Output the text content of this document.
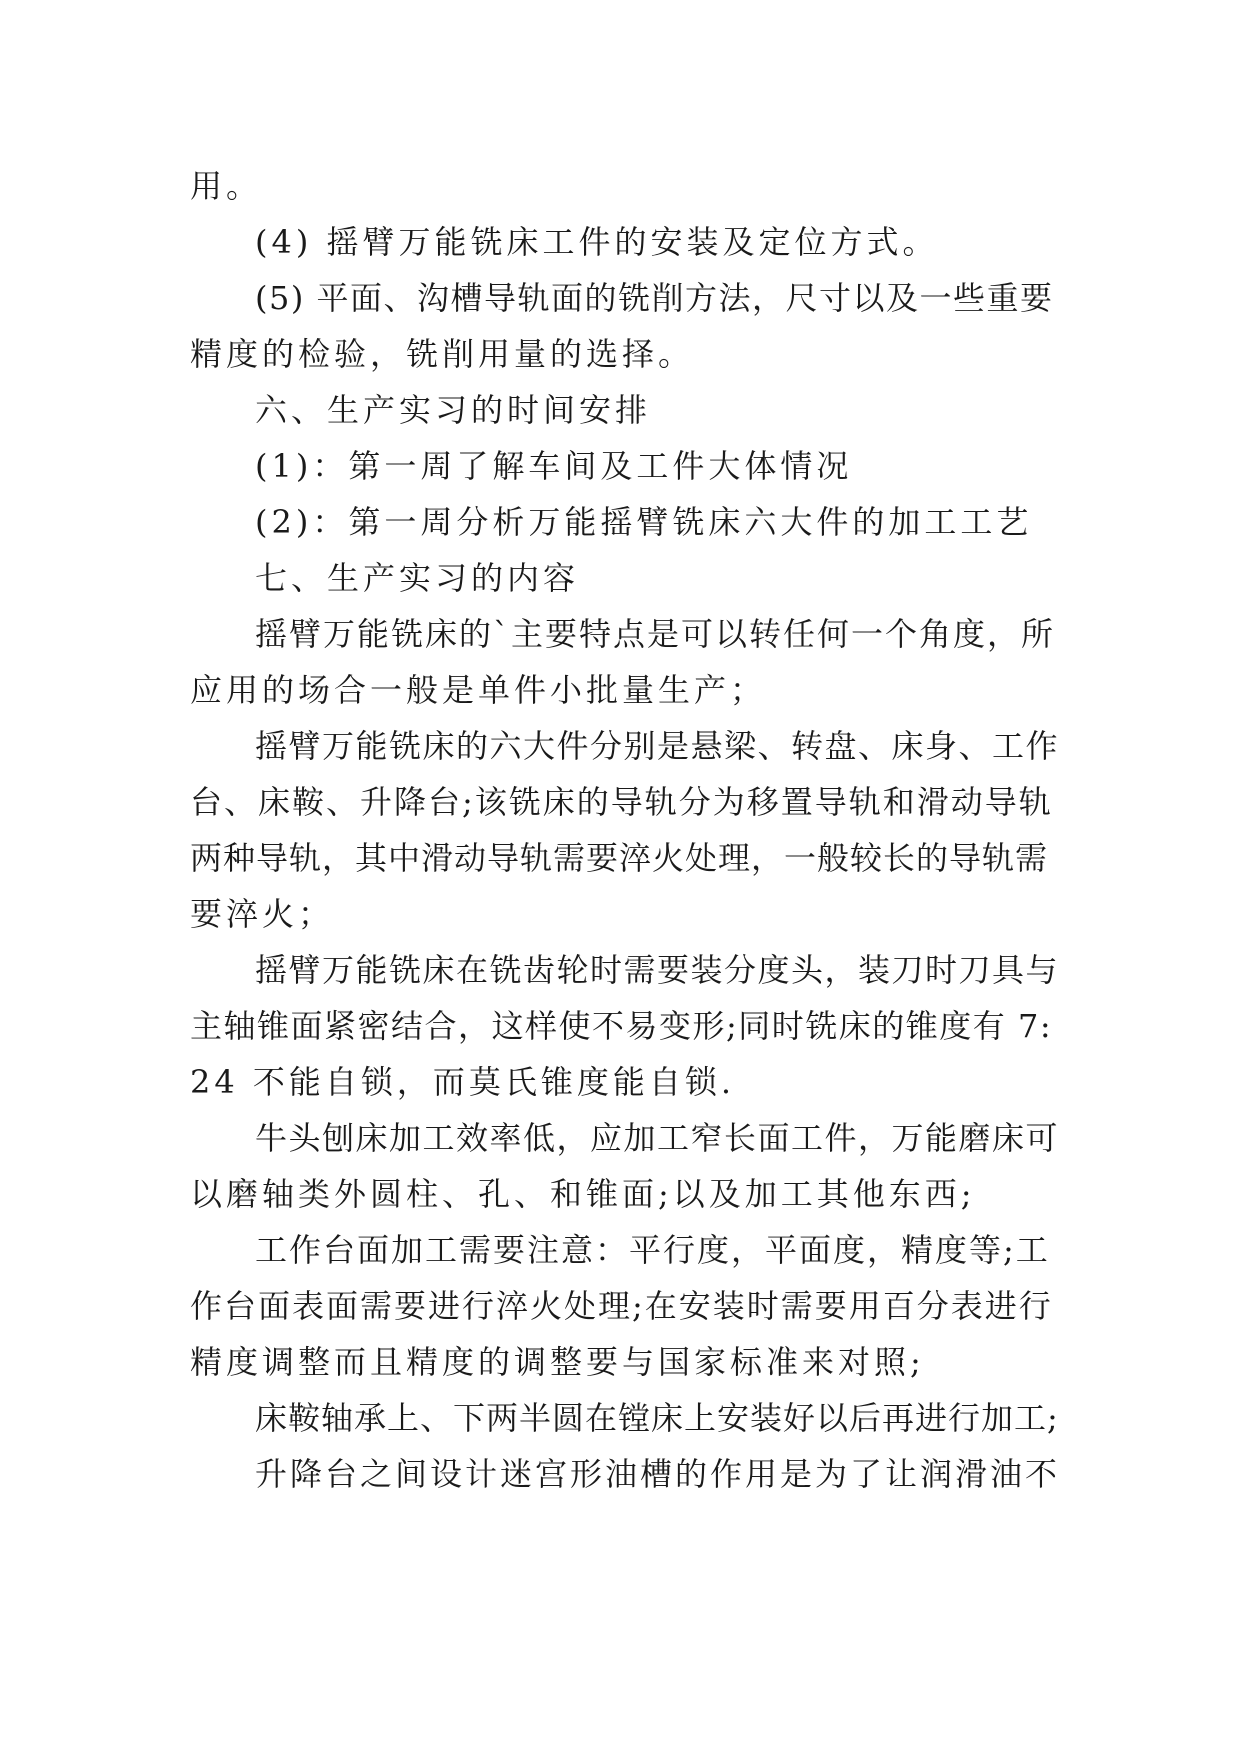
用。
(4) 摇臂万能铣床工件的安装及定位方式。
(5) 平面、沟槽导轨面的铣削方法，尺寸以及一些重要
精度的检验，铣削用量的选择。
六、生产实习的时间安排
(1)：第一周了解车间及工件大体情况
(2)：第一周分析万能摇臂铣床六大件的加工工艺
七、生产实习的内容
摇臂万能铣床的`主要特点是可以转任何一个角度，所
应用的场合一般是单件小批量生产；
摇臂万能铣床的六大件分别是悬梁、转盘、床身、工作
台、床鞍、升降台;该铣床的导轨分为移置导轨和滑动导轨
两种导轨，其中滑动导轨需要淬火处理，一般较长的导轨需
要淬火；
摇臂万能铣床在铣齿轮时需要装分度头，装刀时刀具与
主轴锥面紧密结合，这样使不易变形;同时铣床的锥度有 7:
24 不能自锁，而莫氏锥度能自锁.
牛头刨床加工效率低，应加工窄长面工件，万能磨床可
以磨轴类外圆柱、孔、和锥面;以及加工其他东西;
工作台面加工需要注意：平行度，平面度，精度等;工
作台面表面需要进行淬火处理;在安装时需要用百分表进行
精度调整而且精度的调整要与国家标准来对照;
床鞍轴承上、下两半圆在镗床上安装好以后再进行加工;
升降台之间设计迷宫形油槽的作用是为了让润滑油不
